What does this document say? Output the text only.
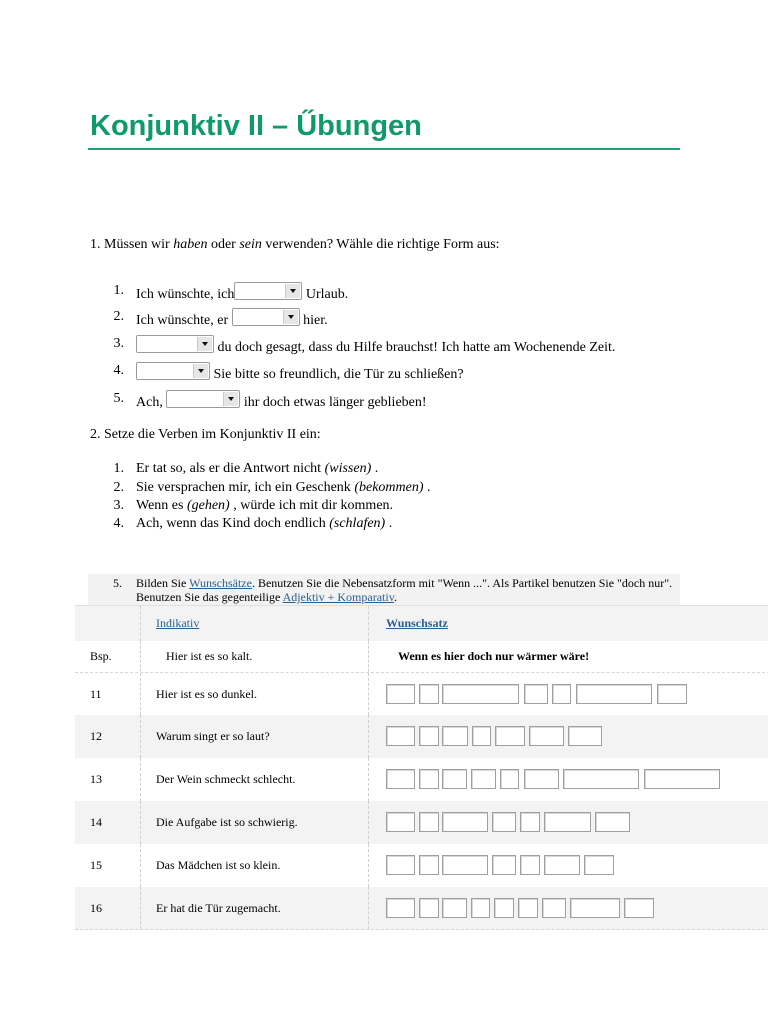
Konjunktiv II – Űbungen
1. Müssen wir haben oder sein verwenden? Wähle die richtige Form aus:
1. Ich wünschte, ich	Urlaub.
2. Ich wünschte, er	hier.
3.	du doch gesagt, dass du Hilfe brauchst! Ich hatte am Wochenende Zeit.
4.	Sie bitte so freundlich, die Tür zu schließen?
5. Ach,	ihr doch etwas länger geblieben!
2. Setze die Verben im Konjunktiv II ein:
1. Er tat so, als er die Antwort nicht (wissen) .
2. Sie versprachen mir, ich ein Geschenk (bekommen) .
3. Wenn es (gehen) , würde ich mit dir kommen.
4. Ach, wenn das Kind doch endlich (schlafen) .
5. Bilden Sie Wunschsätze. Benutzen Sie die Nebensatzform mit "Wenn ...". Als Partikel benutzen Sie "doch nur". Benutzen Sie das gegenteilige Adjektiv + Komparativ.
Indikativ	Wunschsatz
Bsp.	Hier ist es so kalt.	Wenn es hier doch nur wärmer wäre!
11	Hier ist es so dunkel.
12	Warum singt er so laut?
13	Der Wein schmeckt schlecht.
14	Die Aufgabe ist so schwierig.
15	Das Mädchen ist so klein.
16	Er hat die Tür zugemacht.
